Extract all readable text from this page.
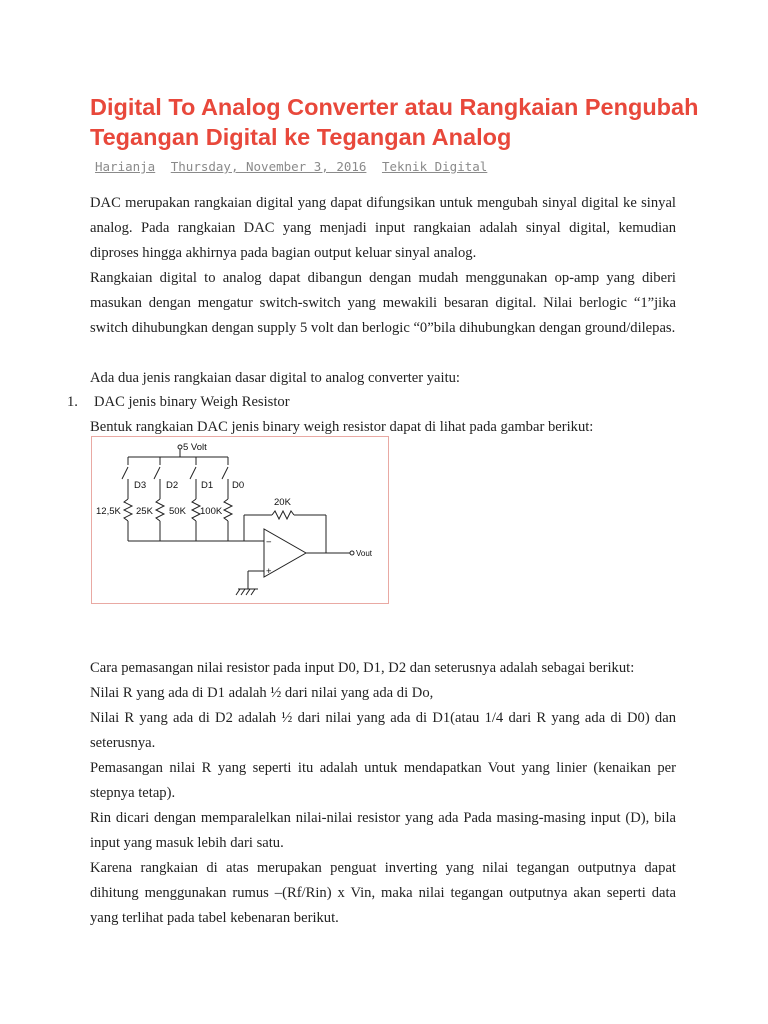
Digital To Analog Converter atau Rangkaian Pengubah Tegangan Digital ke Tegangan Analog
Harianja Thursday, November 3, 2016 Teknik Digital

DAC merupakan rangkaian digital yang dapat difungsikan untuk mengubah sinyal digital ke sinyal analog. Pada rangkaian DAC yang menjadi input rangkaian adalah sinyal digital, kemudian diproses hingga akhirnya pada bagian output keluar sinyal analog.

Rangkaian digital to analog dapat dibangun dengan mudah menggunakan op-amp yang diberi masukan dengan mengatur switch-switch yang mewakili besaran digital. Nilai berlogic “1”jika switch dihubungkan dengan supply 5 volt dan berlogic “0”bila dihubungkan dengan ground/dilepas.

Ada dua jenis rangkaian dasar digital to analog converter yaitu:

1. DAC jenis binary Weigh Resistor

Bentuk rangkaian DAC jenis binary weigh resistor dapat di lihat pada gambar berikut:

5 Volt
D3 D2 D1 D0
12,5K 25K 50K 100K
20K
Vout
−
+

Cara pemasangan nilai resistor pada input D0, D1, D2 dan seterusnya adalah sebagai berikut:

Nilai R yang ada di D1 adalah ½ dari nilai yang ada di Do,

Nilai R yang ada di D2 adalah ½ dari nilai yang ada di D1(atau 1/4 dari R yang ada di D0) dan seterusnya.

Pemasangan nilai R yang seperti itu adalah untuk mendapatkan Vout yang linier (kenaikan per stepnya tetap).

Rin dicari dengan memparalelkan nilai-nilai resistor yang ada Pada masing-masing input (D), bila input yang masuk lebih dari satu.

Karena rangkaian di atas merupakan penguat inverting yang nilai tegangan outputnya dapat dihitung menggunakan rumus –(Rf/Rin) x Vin, maka nilai tegangan outputnya akan seperti data yang terlihat pada tabel kebenaran berikut.
